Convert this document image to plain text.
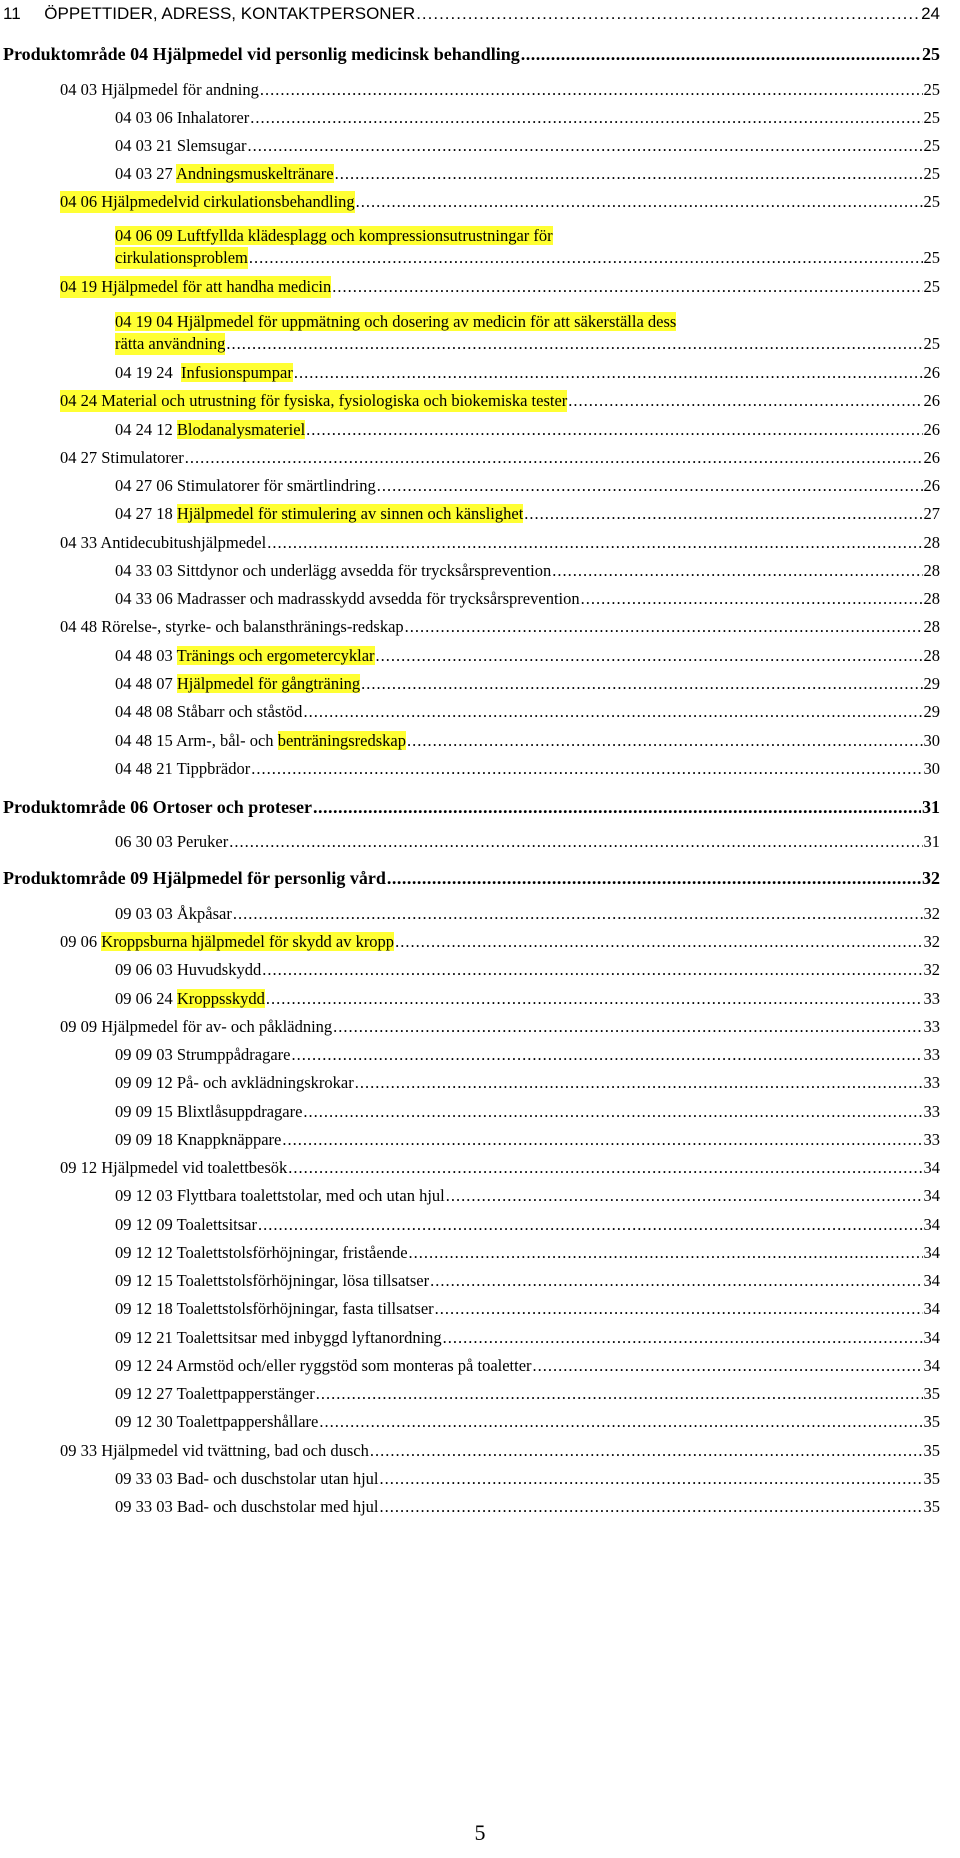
11     ÖPPETTIDER, ADRESS, KONTAKTPERSONER .....	24
Produktområde 04 Hjälpmedel vid personlig medicinsk behandling .....	25
04 03 Hjälpmedel för andning .....	25
04 03 06 Inhalatorer .....	25
04 03 21 Slemsugar .....	25
04 03 27 Andningsmuskeltränare .....	25
04 06 Hjälpmedelvid cirkulationsbehandling .....	25
04 06 09 Luftfyllda klädesplagg och kompressionsutrustningar för
cirkulationsproblem .....	25
04 19 Hjälpmedel för att handha medicin .....	25
04 19 04 Hjälpmedel för uppmätning och dosering av medicin för att säkerställa dess
rätta användning .....	25
04 19 24  Infusionspumpar .....	26
04 24 Material och utrustning för fysiska, fysiologiska och biokemiska tester .....	26
04 24 12 Blodanalysmateriel .....	26
04 27 Stimulatorer .....	26
04 27 06 Stimulatorer för smärtlindring .....	26
04 27 18 Hjälpmedel för stimulering av sinnen och känslighet .....	27
04 33 Antidecubitushjälpmedel .....	28
04 33 03 Sittdynor och underlägg avsedda för trycksårsprevention .....	28
04 33 06 Madrasser och madrasskydd avsedda för trycksårsprevention .....	28
04 48 Rörelse-, styrke- och balansthränings-redskap .....	28
04 48 03 Tränings och ergometercyklar .....	28
04 48 07 Hjälpmedel för gångträning .....	29
04 48 08 Ståbarr och ståstöd .....	29
04 48 15 Arm-, bål- och benträningsredskap .....	30
04 48 21 Tippbrädor .....	30
Produktområde 06 Ortoser och proteser .....	31
06 30 03 Peruker .....	31
Produktområde 09 Hjälpmedel för personlig vård .....	32
09 03 03 Åkpåsar .....	32
09 06 Kroppsburna hjälpmedel för skydd av kropp .....	32
09 06 03 Huvudskydd .....	32
09 06 24 Kroppsskydd .....	33
09 09 Hjälpmedel för av- och påklädning .....	33
09 09 03 Strumppådragare .....	33
09 09 12 På- och avklädningskrokar .....	33
09 09 15 Blixtlåsuppdragare .....	33
09 09 18 Knappknäppare .....	33
09 12 Hjälpmedel vid toalettbesök .....	34
09 12 03 Flyttbara toalettstolar, med och utan hjul .....	34
09 12 09 Toalettsitsar .....	34
09 12 12 Toalettstolsförhöjningar, fristående .....	34
09 12 15 Toalettstolsförhöjningar, lösa tillsatser .....	34
09 12 18 Toalettstolsförhöjningar, fasta tillsatser .....	34
09 12 21 Toalettsitsar med inbyggd lyftanordning .....	34
09 12 24 Armstöd och/eller ryggstöd som monteras på toaletter .....	34
09 12 27 Toalettpapperstänger .....	35
09 12 30 Toalettpappershållare .....	35
09 33 Hjälpmedel vid tvättning, bad och dusch .....	35
09 33 03 Bad- och duschstolar utan hjul .....	35
09 33 03 Bad- och duschstolar med hjul .....	35
5
